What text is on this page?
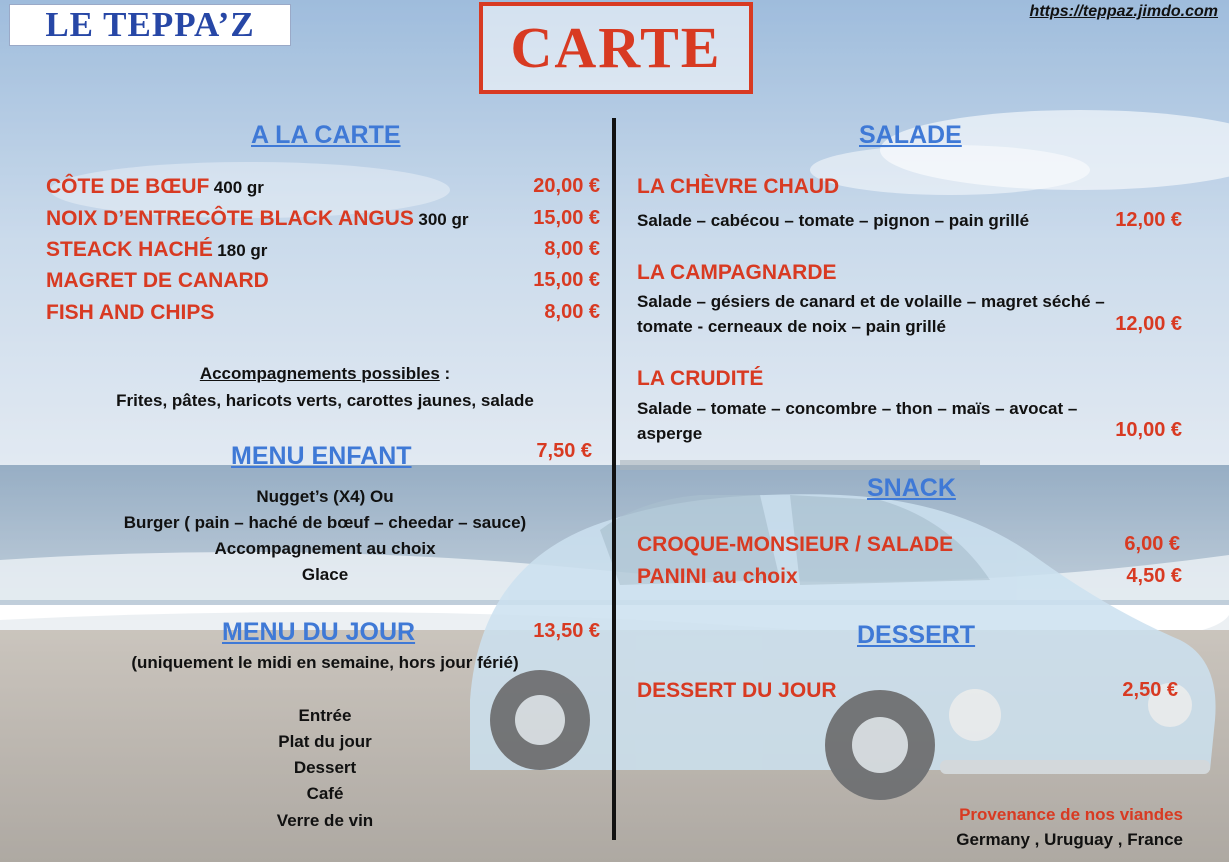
LE TEPPA’Z	CARTE
https://teppaz.jimdo.com
A LA CARTE
CÔTE DE BŒUF 400 gr	20,00 €
NOIX D’ENTRECÔTE BLACK ANGUS 300 gr	15,00 €
STEACK HACHÉ 180 gr	8,00 €
MAGRET DE CANARD	15,00 €
FISH AND CHIPS	8,00 €
Accompagnements possibles :
Frites, pâtes, haricots verts, carottes jaunes, salade
MENU ENFANT	7,50 €
Nugget’s (X4) Ou
Burger ( pain – haché de bœuf – cheedar – sauce)
Accompagnement au choix
Glace
MENU DU JOUR	13,50 €
(uniquement le midi en semaine, hors jour férié)
Entrée
Plat du jour
Dessert
Café
Verre de vin
SALADE
LA CHÈVRE CHAUD
Salade – cabécou – tomate – pignon – pain grillé	12,00 €
LA CAMPAGNARDE
Salade – gésiers de canard et de volaille – magret séché –
tomate - cerneaux de noix – pain grillé	12,00 €
LA CRUDITÉ
Salade – tomate – concombre – thon – maïs – avocat –
asperge	10,00 €
SNACK
CROQUE-MONSIEUR / SALADE	6,00 €
PANINI au choix	4,50 €
DESSERT
DESSERT DU JOUR	2,50 €
Provenance de nos viandes
Germany , Uruguay , France
